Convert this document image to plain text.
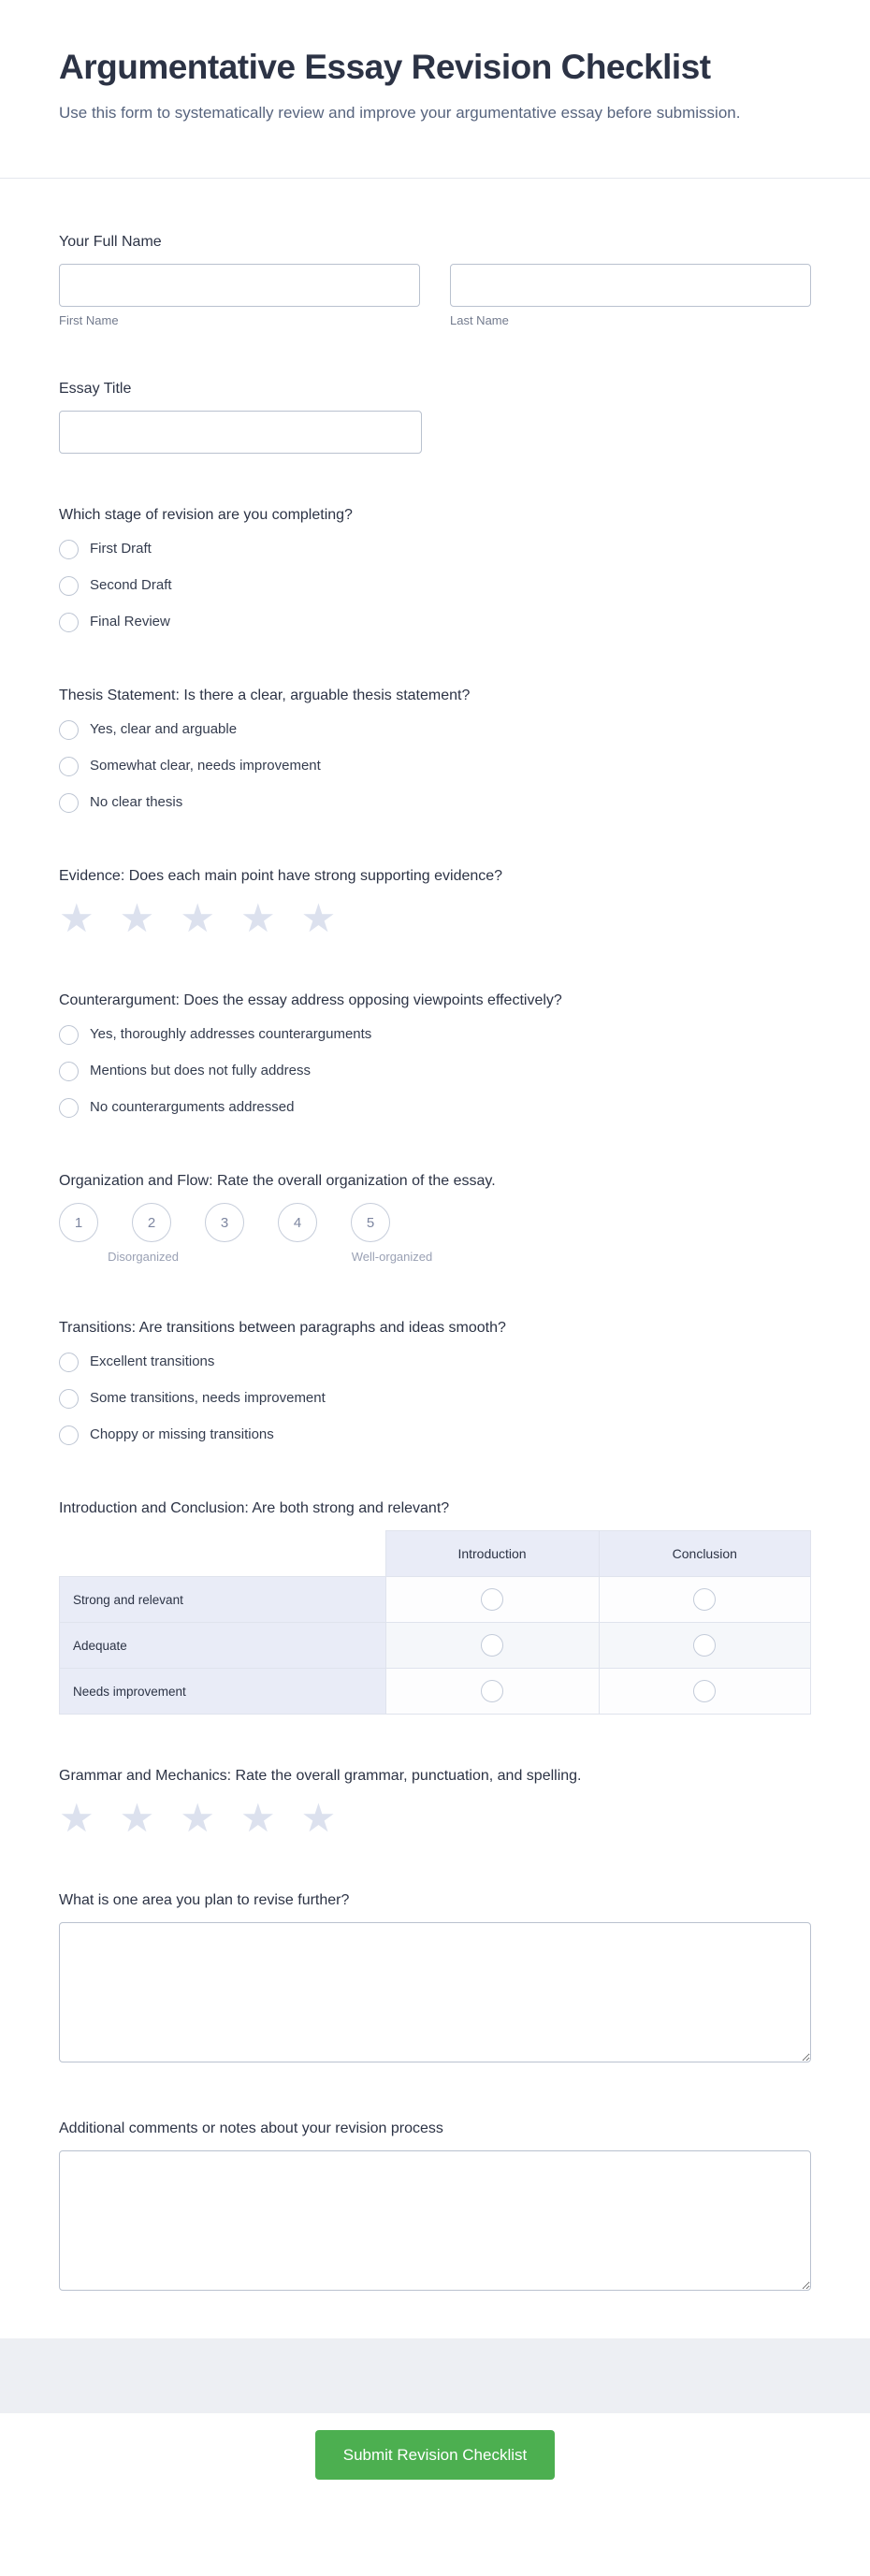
Argumentative Essay Revision Checklist

Use this form to systematically review and improve your argumentative essay before submission.

Your Full Name
First Name	Last Name
Essay Title
Which stage of revision are you completing?
First Draft
Second Draft
Final Review
Thesis Statement: Is there a clear, arguable thesis statement?
Yes, clear and arguable
Somewhat clear, needs improvement
No clear thesis
Evidence: Does each main point have strong supporting evidence?
★ ★ ★ ★ ★
Counterargument: Does the essay address opposing viewpoints effectively?
Yes, thoroughly addresses counterarguments
Mentions but does not fully address
No counterarguments addressed
Organization and Flow: Rate the overall organization of the essay.
1	2	3	4	5
Disorganized	Well-organized
Transitions: Are transitions between paragraphs and ideas smooth?
Excellent transitions
Some transitions, needs improvement
Choppy or missing transitions
Introduction and Conclusion: Are both strong and relevant?
	Introduction	Conclusion
Strong and relevant		
Adequate		
Needs improvement		
Grammar and Mechanics: Rate the overall grammar, punctuation, and spelling.
★ ★ ★ ★ ★
What is one area you plan to revise further?
Additional comments or notes about your revision process
Submit Revision Checklist
